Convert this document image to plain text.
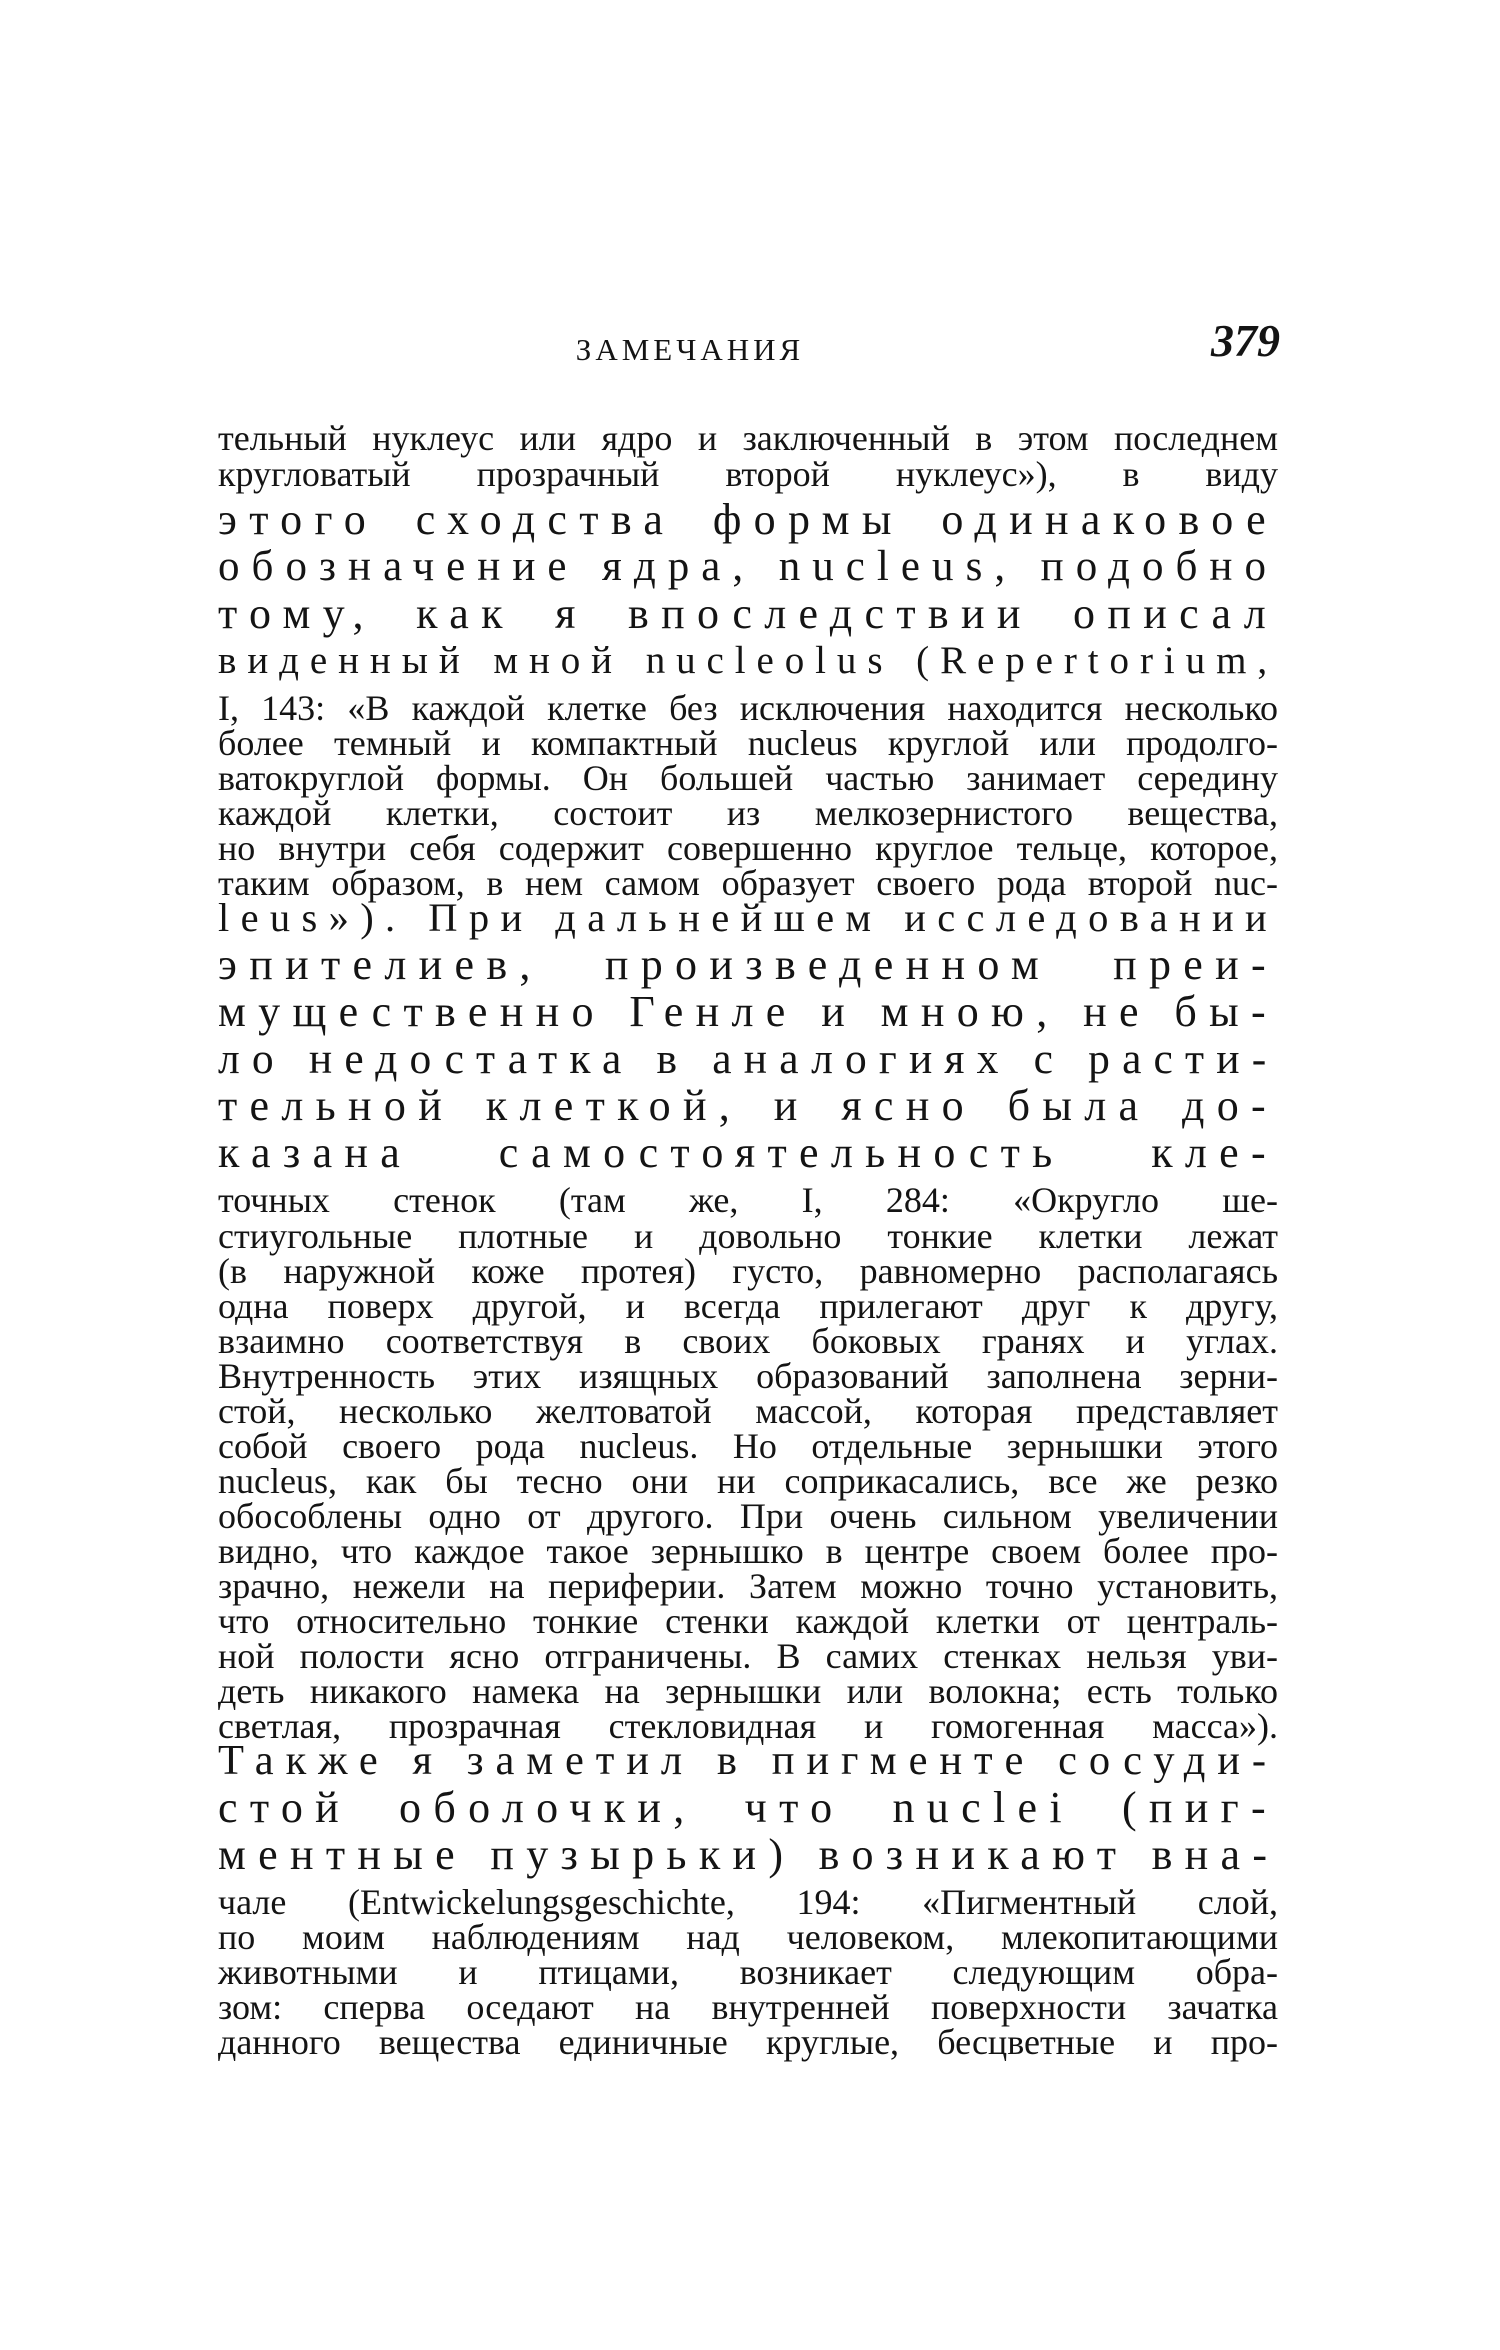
ЗАМЕЧАНИЯ	379
тельный нуклеус или ядро и заключенный в этом последнем
кругловатый прозрачный второй нуклеус»), в виду
этого сходства формы одинаковое
обозначение ядра, nucleus, подобно
тому, как я впоследствии описал
виденный мной nucleolus (Repertorium,
I, 143: «В каждой клетке без исключения находится несколько
более темный и компактный nucleus круглой или продолго-
ватокруглой формы. Он большей частью занимает середину
каждой клетки, состоит из мелкозернистого вещества,
но внутри себя содержит совершенно круглое тельце, которое,
таким образом, в нем самом образует своего рода второй nuc-
leus»). При дальнейшем исследовании
эпителиев, произведенном преи-
мущественно Генле и мною, не бы-
ло недостатка в аналогиях с расти-
тельной клеткой, и ясно была до-
казана самостоятельность кле-
точных стенок (там же, I, 284: «Округло ше-
стиугольные плотные и довольно тонкие клетки лежат
(в наружной коже протея) густо, равномерно располагаясь
одна поверх другой, и всегда прилегают друг к другу,
взаимно соответствуя в своих боковых гранях и углах.
Внутренность этих изящных образований заполнена зерни-
стой, несколько желтоватой массой, которая представляет
собой своего рода nucleus. Но отдельные зернышки этого
nucleus, как бы тесно они ни соприкасались, все же резко
обособлены одно от другого. При очень сильном увеличении
видно, что каждое такое зернышко в центре своем более про-
зрачно, нежели на периферии. Затем можно точно установить,
что относительно тонкие стенки каждой клетки от централь-
ной полости ясно отграничены. В самих стенках нельзя уви-
деть никакого намека на зернышки или волокна; есть только
светлая, прозрачная стекловидная и гомогенная масса»).
Также я заметил в пигменте сосуди-
стой оболочки, что nuclei (пиг-
ментные пузырьки) возникают вна-
чале (Entwickelungsgeschichte, 194: «Пигментный слой,
по моим наблюдениям над человеком, млекопитающими
животными и птицами, возникает следующим обра-
зом: сперва оседают на внутренней поверхности зачатка
данного вещества единичные круглые, бесцветные и про-
